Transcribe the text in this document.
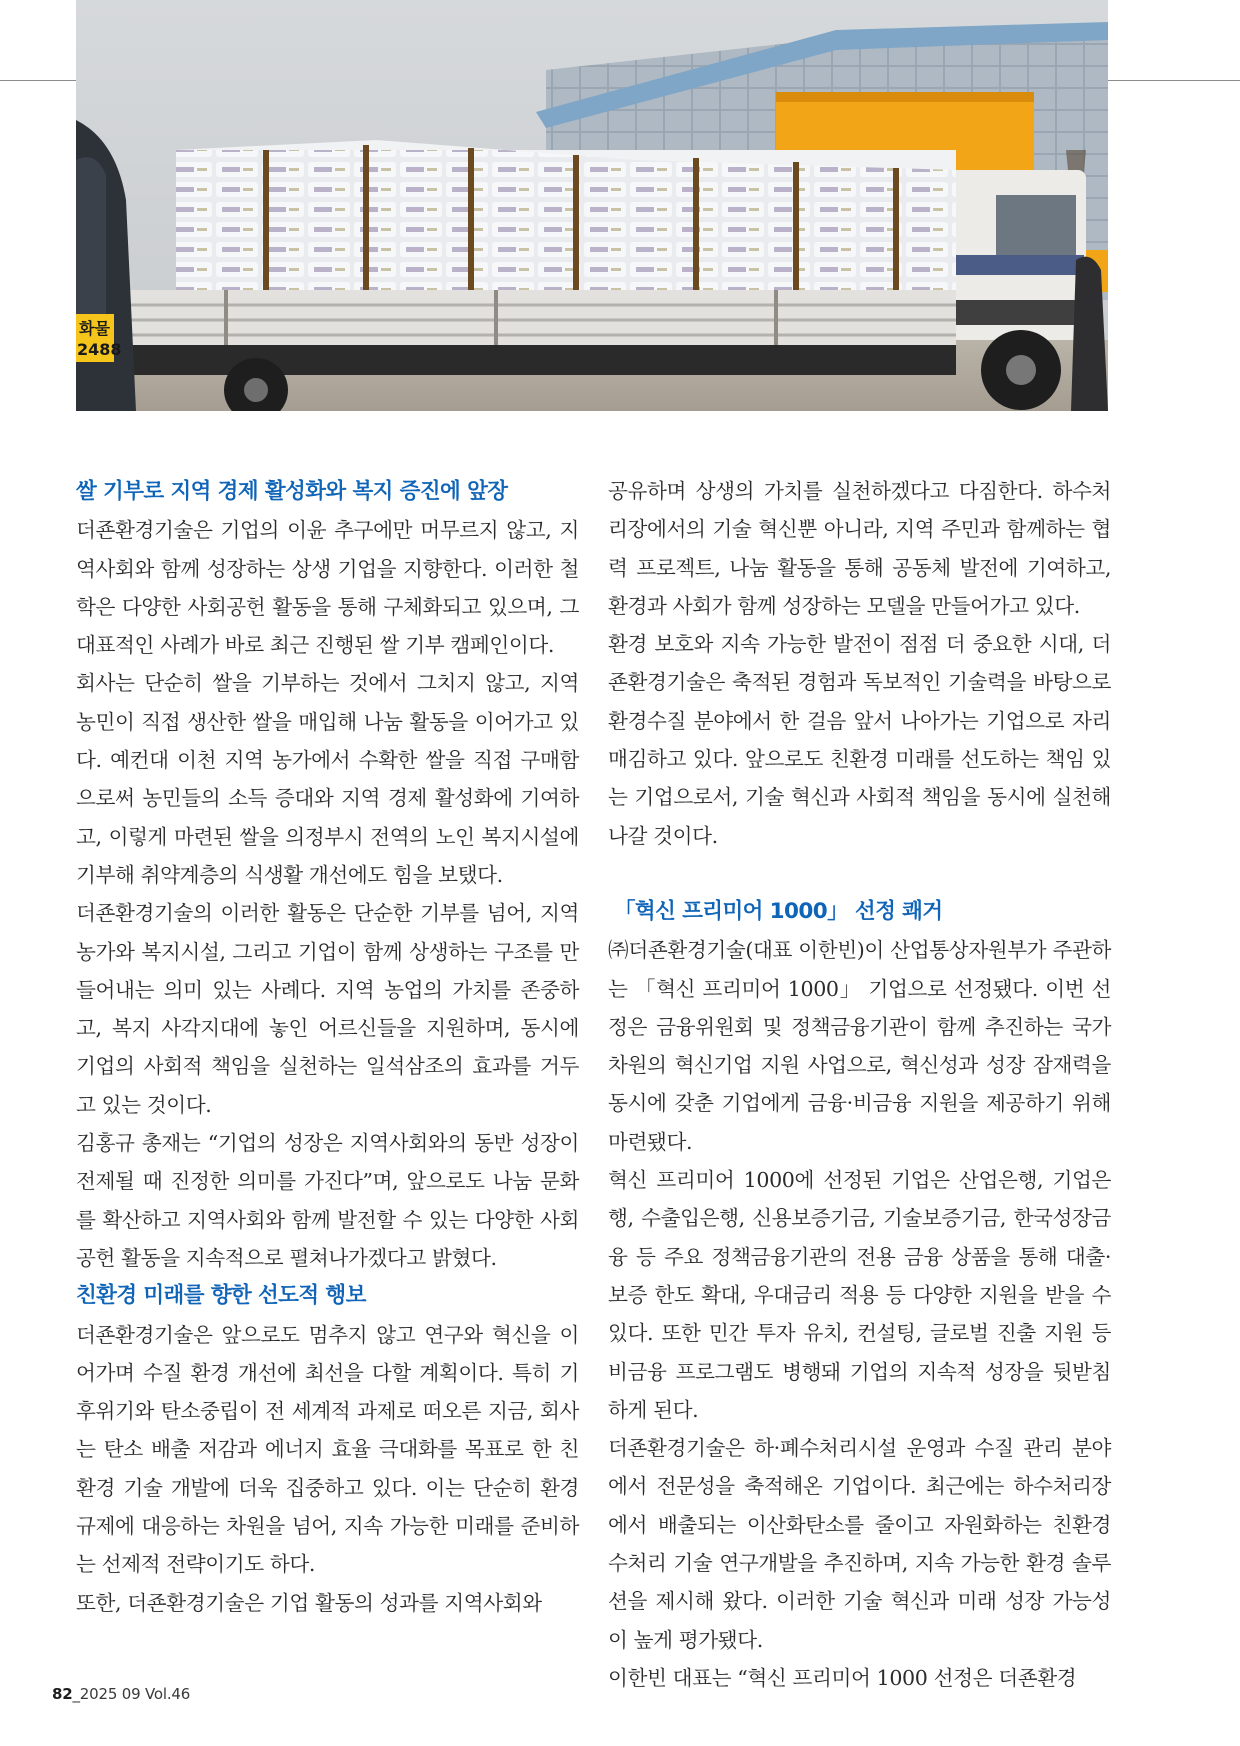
화물
2488
쌀 기부로 지역 경제 활성화와 복지 증진에 앞장

더죤환경기술은 기업의 이윤 추구에만 머무르지 않고, 지역사회와 함께 성장하는 상생 기업을 지향한다. 이러한 철학은 다양한 사회공헌 활동을 통해 구체화되고 있으며, 그 대표적인 사례가 바로 최근 진행된 쌀 기부 캠페인이다.

회사는 단순히 쌀을 기부하는 것에서 그치지 않고, 지역 농민이 직접 생산한 쌀을 매입해 나눔 활동을 이어가고 있다. 예컨대 이천 지역 농가에서 수확한 쌀을 직접 구매함으로써 농민들의 소득 증대와 지역 경제 활성화에 기여하고, 이렇게 마련된 쌀을 의정부시 전역의 노인 복지시설에 기부해 취약계층의 식생활 개선에도 힘을 보탰다.

더죤환경기술의 이러한 활동은 단순한 기부를 넘어, 지역 농가와 복지시설, 그리고 기업이 함께 상생하는 구조를 만들어내는 의미 있는 사례다. 지역 농업의 가치를 존중하고, 복지 사각지대에 놓인 어르신들을 지원하며, 동시에 기업의 사회적 책임을 실천하는 일석삼조의 효과를 거두고 있는 것이다.

김홍규 총재는 “기업의 성장은 지역사회와의 동반 성장이 전제될 때 진정한 의미를 가진다”며, 앞으로도 나눔 문화를 확산하고 지역사회와 함께 발전할 수 있는 다양한 사회공헌 활동을 지속적으로 펼쳐나가겠다고 밝혔다.

친환경 미래를 향한 선도적 행보

더죤환경기술은 앞으로도 멈추지 않고 연구와 혁신을 이어가며 수질 환경 개선에 최선을 다할 계획이다. 특히 기후위기와 탄소중립이 전 세계적 과제로 떠오른 지금, 회사는 탄소 배출 저감과 에너지 효율 극대화를 목표로 한 친환경 기술 개발에 더욱 집중하고 있다. 이는 단순히 환경 규제에 대응하는 차원을 넘어, 지속 가능한 미래를 준비하는 선제적 전략이기도 하다.

또한, 더죤환경기술은 기업 활동의 성과를 지역사회와

공유하며 상생의 가치를 실천하겠다고 다짐한다. 하수처리장에서의 기술 혁신뿐 아니라, 지역 주민과 함께하는 협력 프로젝트, 나눔 활동을 통해 공동체 발전에 기여하고, 환경과 사회가 함께 성장하는 모델을 만들어가고 있다.

환경 보호와 지속 가능한 발전이 점점 더 중요한 시대, 더죤환경기술은 축적된 경험과 독보적인 기술력을 바탕으로 환경수질 분야에서 한 걸음 앞서 나아가는 기업으로 자리매김하고 있다. 앞으로도 친환경 미래를 선도하는 책임 있는 기업으로서, 기술 혁신과 사회적 책임을 동시에 실천해 나갈 것이다.

「혁신 프리미어 1000」 선정 쾌거

㈜더죤환경기술(대표 이한빈)이 산업통상자원부가 주관하는 「혁신 프리미어 1000」 기업으로 선정됐다. 이번 선정은 금융위원회 및 정책금융기관이 함께 추진하는 국가 차원의 혁신기업 지원 사업으로, 혁신성과 성장 잠재력을 동시에 갖춘 기업에게 금융·비금융 지원을 제공하기 위해 마련됐다.

혁신 프리미어 1000에 선정된 기업은 산업은행, 기업은행, 수출입은행, 신용보증기금, 기술보증기금, 한국성장금융 등 주요 정책금융기관의 전용 금융 상품을 통해 대출·보증 한도 확대, 우대금리 적용 등 다양한 지원을 받을 수 있다. 또한 민간 투자 유치, 컨설팅, 글로벌 진출 지원 등 비금융 프로그램도 병행돼 기업의 지속적 성장을 뒷받침하게 된다.

더죤환경기술은 하·폐수처리시설 운영과 수질 관리 분야에서 전문성을 축적해온 기업이다. 최근에는 하수처리장에서 배출되는 이산화탄소를 줄이고 자원화하는 친환경 수처리 기술 연구개발을 추진하며, 지속 가능한 환경 솔루션을 제시해 왔다. 이러한 기술 혁신과 미래 성장 가능성이 높게 평가됐다.

이한빈 대표는 “혁신 프리미어 1000 선정은 더죤환경

82_2025 09 Vol.46
